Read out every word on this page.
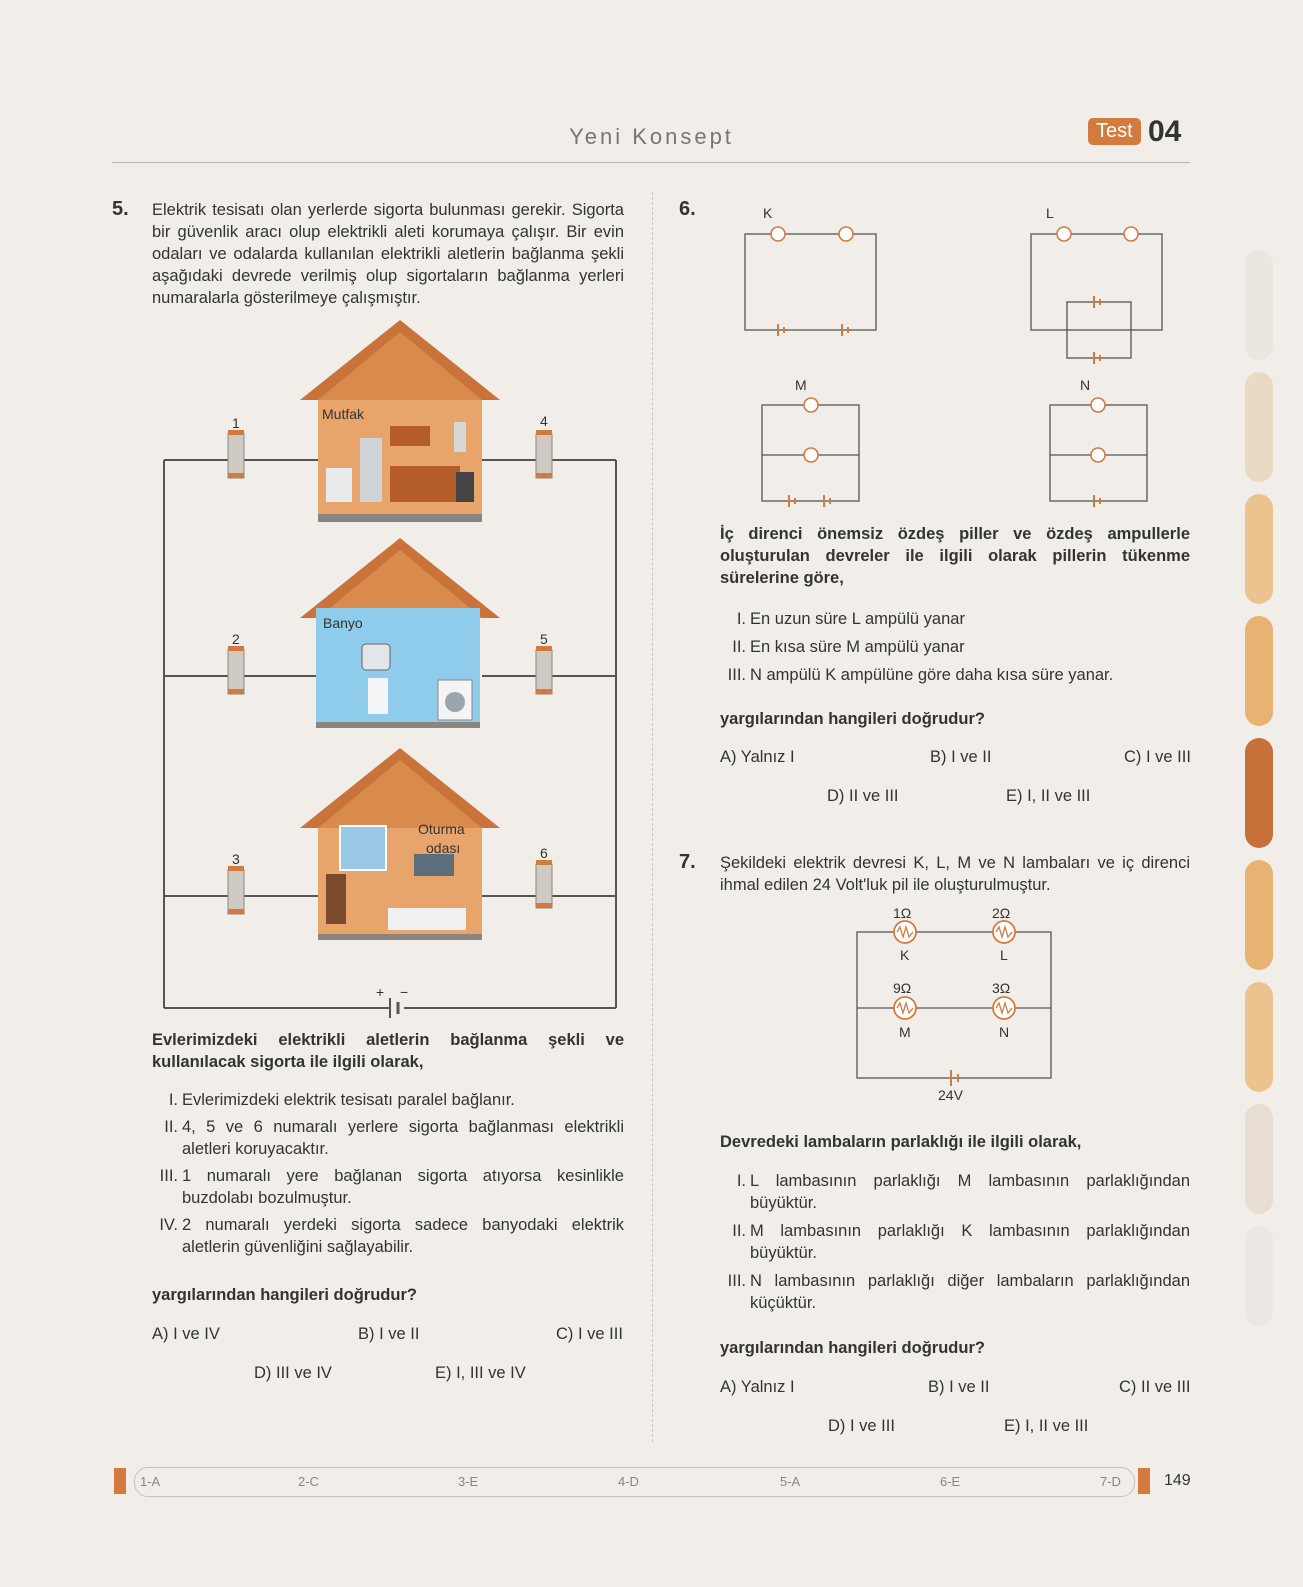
Yeni Konsept	Test 04
5. Elektrik tesisatı olan yerlerde sigorta bulunması gerekir. Sigorta bir güvenlik aracı olup elektrikli aleti korumaya çalışır. Bir evin odaları ve odalarda kullanılan elektrikli aletlerin bağlanma şekli aşağıdaki devrede verilmiş olup sigortaların bağlanma yerleri numaralarla gösterilmeye çalışmıştır.
+ −
Mutfak
Banyo
Oturma
odası
1
2
3
4
5
6
Evlerimizdeki elektrikli aletlerin bağlanma şekli ve kullanılacak sigorta ile ilgili olarak,
I. Evlerimizdeki elektrik tesisatı paralel bağlanır.
II. 4, 5 ve 6 numaralı yerlere sigorta bağlanması elektrikli aletleri koruyacaktır.
III. 1 numaralı yere bağlanan sigorta atıyorsa kesinlikle buzdolabı bozulmuştur.
IV. 2 numaralı yerdeki sigorta sadece banyodaki elektrik aletlerin güvenliğini sağlayabilir.
yargılarından hangileri doğrudur?
A) I ve IV	B) I ve II	C) I ve III
D) III ve IV	E) I, III ve IV
6.	K	L
M	N
İç direnci önemsiz özdeş piller ve özdeş ampullerle oluşturulan devreler ile ilgili olarak pillerin tükenme sürelerine göre,
I. En uzun süre L ampülü yanar
II. En kısa süre M ampülü yanar
III. N ampülü K ampülüne göre daha kısa süre yanar.
yargılarından hangileri doğrudur?
A) Yalnız I	B) I ve II	C) I ve III
D) II ve III	E) I, II ve III
7. Şekildeki elektrik devresi K, L, M ve N lambaları ve iç direnci ihmal edilen 24 Volt'luk pil ile oluşturulmuştur.
1Ω	2Ω
K	L
9Ω	3Ω
M	N
24V
Devredeki lambaların parlaklığı ile ilgili olarak,
I. L lambasının parlaklığı M lambasının parlaklığından büyüktür.
II. M lambasının parlaklığı K lambasının parlaklığından büyüktür.
III. N lambasının parlaklığı diğer lambaların parlaklığından küçüktür.
yargılarından hangileri doğrudur?
A) Yalnız I	B) I ve II	C) II ve III
D) I ve III	E) I, II ve III
1-A	2-C	3-E	4-D	5-A	6-E	7-D	149
